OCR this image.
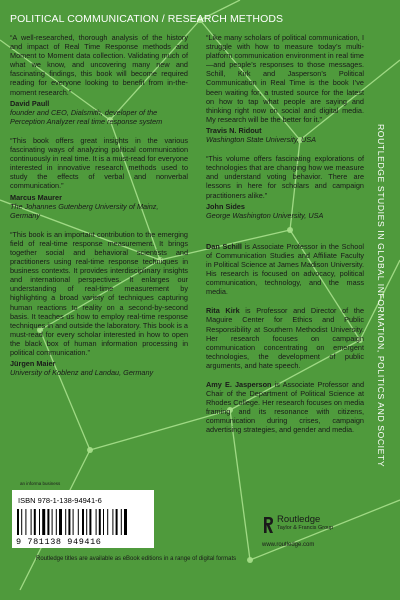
POLITICAL COMMUNICATION / RESEARCH METHODS

“A well-researched, thorough analysis of the history and impact of Real Time Response methods and Moment to Moment data collection. Validating much of what we know, and uncovering many new and fascinating findings, this book will become required reading for everyone looking to benefit from in-the-moment research.”

David Paull
founder and CEO, Dialsmith, developer of the Perception Analyzer real time response system

“This book offers great insights in the various fascinating ways of analyzing political communication continuously in real time. It is a must-read for everyone interested in innovative research methods used to study the effects of verbal and nonverbal communication.”

Marcus Maurer
The Johannes Gutenberg University of Mainz, Germany

“This book is an important contribution to the emerging field of real-time response measurement. It brings together social and behavioral scientists and practitioners using real-time response techniques in business contexts. It provides interdisciplinary insights and international perspectives. It enlarges our understanding of real-time measurement by highlighting a broad variety of techniques capturing human reactions to reality on a second-by-second basis. It teaches us how to employ real-time response techniques in and outside the laboratory. This book is a must-read for every scholar interested in how to open the black box of human information processing in political communication.”

Jürgen Maier
University of Koblenz and Landau, Germany

“Like many scholars of political communication, I struggle with how to measure today’s multi-platform communication environment in real time—and people’s responses to those messages. Schill, Kirk and Jasperson’s Political Communication in Real Time is the book I’ve been waiting for, a trusted source for the latest on how to tap what people are saying and thinking right now on social and digital media. My research will be the better for it.”

Travis N. Ridout
Washington State University, USA

“This volume offers fascinating explorations of technologies that are changing how we measure and understand voting behavior. There are lessons in here for scholars and campaign practitioners alike.”

John Sides
George Washington University, USA

Dan Schill is Associate Professor in the School of Communication Studies and Affiliate Faculty in Political Science at James Madison University. His research is focused on advocacy, political communication, technology, and the mass media.

Rita Kirk is Professor and Director of the Maguire Center for Ethics and Public Responsibility at Southern Methodist University. Her research focuses on campaign communication concentrating on emergent technologies, the development of public arguments, and hate speech.

Amy E. Jasperson is Associate Professor and Chair of the Department of Political Science at Rhodes College. Her research focuses on media framing and its resonance with citizens, communication during crises, campaign advertising strategies, and gender and media.	ROUTLEDGE STUDIES IN GLOBAL INFORMATION, POLITICS AND SOCIETY
an informa business
ISBN 978-1-138-94941-6
9 781138 949416
Routledge
Taylor & Francis Group
www.routledge.com
Routledge titles are available as eBook editions in a range of digital formats
